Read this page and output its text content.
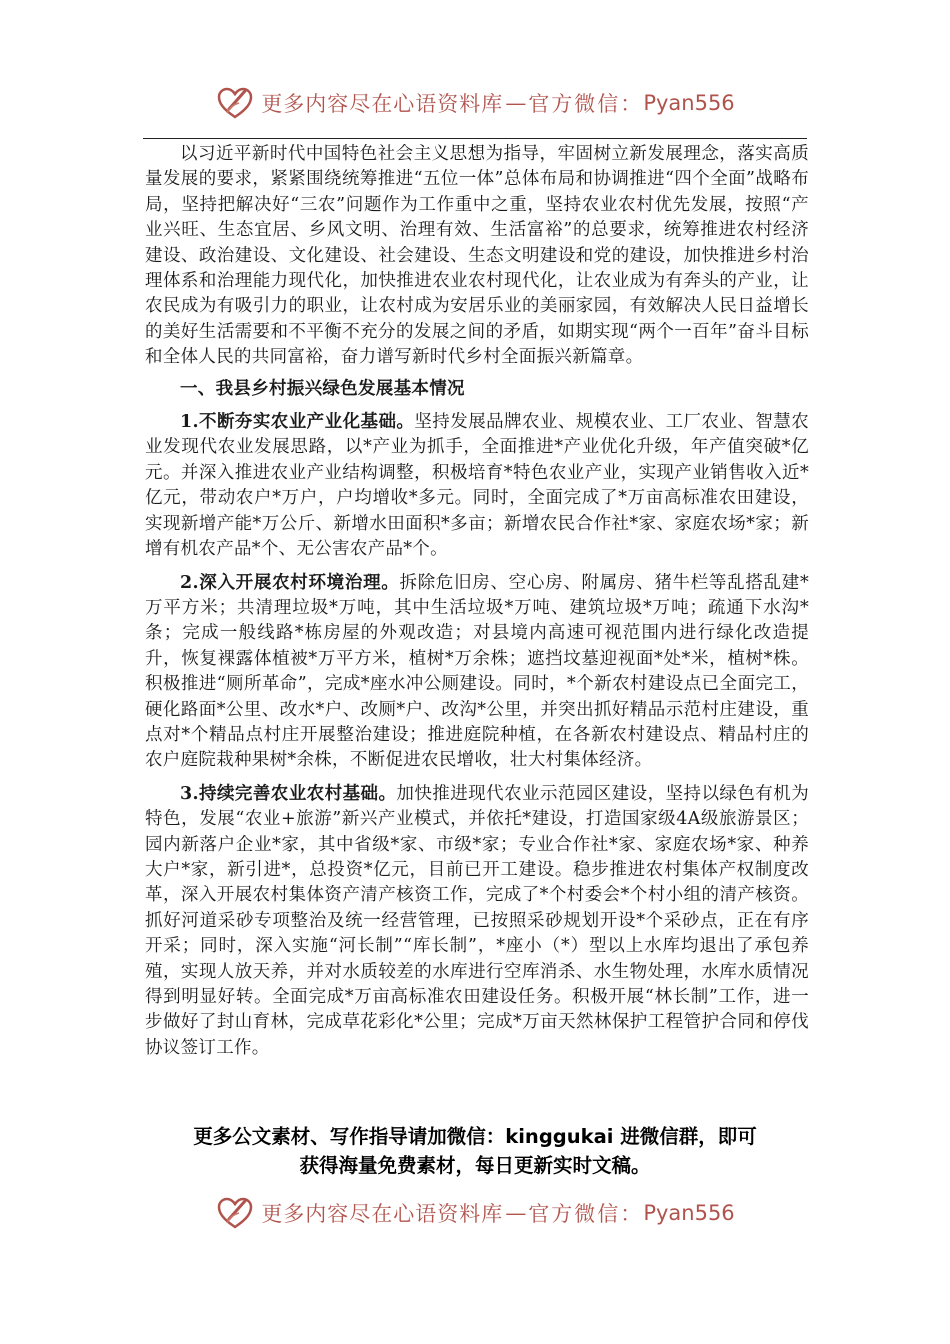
更多内容尽在心语资料库 — 官方微信： Pyan556

以习近平新时代中国特色社会主义思想为指导，牢固树立新发展理念，落实高质量发展的要求，紧紧围绕统筹推进“五位一体”总体布局和协调推进“四个全面”战略布局，坚持把解决好“三农”问题作为工作重中之重，坚持农业农村优先发展，按照“产业兴旺、生态宜居、乡风文明、治理有效、生活富裕”的总要求，统筹推进农村经济建设、政治建设、文化建设、社会建设、生态文明建设和党的建设，加快推进乡村治理体系和治理能力现代化，加快推进农业农村现代化，让农业成为有奔头的产业，让农民成为有吸引力的职业，让农村成为安居乐业的美丽家园，有效解决人民日益增长的美好生活需要和不平衡不充分的发展之间的矛盾，如期实现“两个一百年”奋斗目标和全体人民的共同富裕，奋力谱写新时代乡村全面振兴新篇章。

一、我县乡村振兴绿色发展基本情况

1.不断夯实农业产业化基础。坚持发展品牌农业、规模农业、工厂农业、智慧农业发现代农业发展思路，以*产业为抓手，全面推进*产业优化升级，年产值突破*亿元。并深入推进农业产业结构调整，积极培育*特色农业产业，实现产业销售收入近*亿元，带动农户*万户，户均增收*多元。同时，全面完成了*万亩高标准农田建设，实现新增产能*万公斤、新增水田面积*多亩；新增农民合作社*家、家庭农场*家；新增有机农产品*个、无公害农产品*个。

2.深入开展农村环境治理。拆除危旧房、空心房、附属房、猪牛栏等乱搭乱建*万平方米；共清理垃圾*万吨，其中生活垃圾*万吨、建筑垃圾*万吨；疏通下水沟*条；完成一般线路*栋房屋的外观改造；对县境内高速可视范围内进行绿化改造提升，恢复裸露体植被*万平方米，植树*万余株；遮挡坟墓迎视面*处*米，植树*株。积极推进“厕所革命”，完成*座水冲公厕建设。同时，*个新农村建设点已全面完工，硬化路面*公里、改水*户、改厕*户、改沟*公里，并突出抓好精品示范村庄建设，重点对*个精品点村庄开展整治建设；推进庭院种植，在各新农村建设点、精品村庄的农户庭院栽种果树*余株，不断促进农民增收，壮大村集体经济。

3.持续完善农业农村基础。加快推进现代农业示范园区建设，坚持以绿色有机为特色，发展“农业+旅游”新兴产业模式，并依托*建设，打造国家级4A级旅游景区；园内新落户企业*家，其中省级*家、市级*家；专业合作社*家、家庭农场*家、种养大户*家，新引进*，总投资*亿元，目前已开工建设。稳步推进农村集体产权制度改革，深入开展农村集体资产清产核资工作，完成了*个村委会*个村小组的清产核资。抓好河道采砂专项整治及统一经营管理，已按照采砂规划开设*个采砂点，正在有序开采；同时，深入实施“河长制”“库长制”，*座小（*）型以上水库均退出了承包养殖，实现人放天养，并对水质较差的水库进行空库消杀、水生物处理，水库水质情况得到明显好转。全面完成*万亩高标准农田建设任务。积极开展“林长制”工作，进一步做好了封山育林，完成草花彩化*公里；完成*万亩天然林保护工程管护合同和停伐协议签订工作。

更多公文素材、写作指导请加微信：kinggukai 进微信群，即可
获得海量免费素材，每日更新实时文稿。
更多内容尽在心语资料库 — 官方微信： Pyan556
